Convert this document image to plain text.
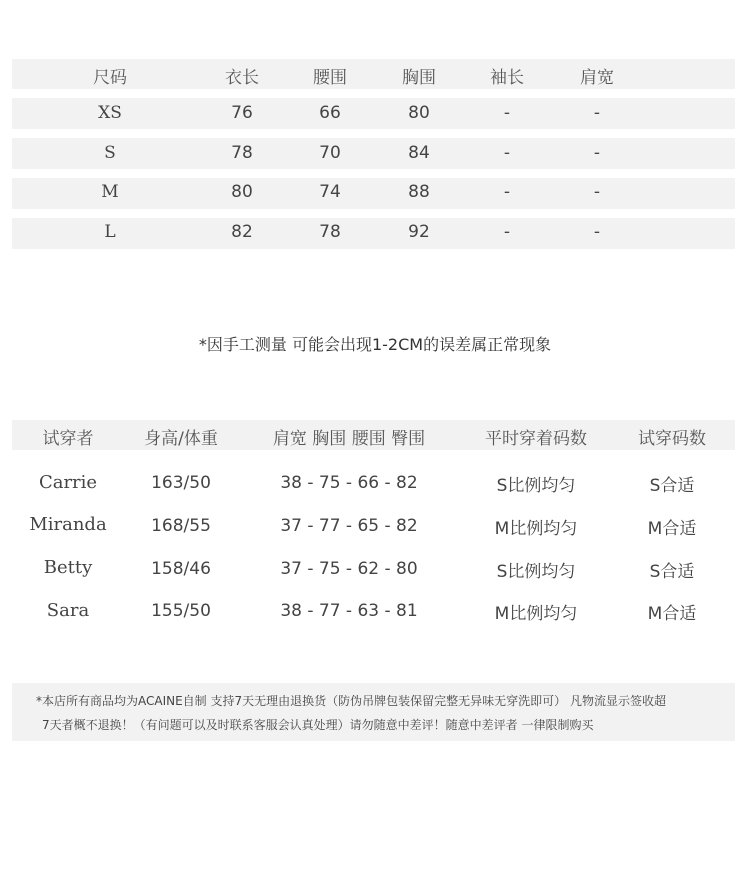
尺码	衣长	腰围	胸围	袖长	肩宽
XS	76	66	80	-	-
S	78	70	84	-	-
M	80	74	88	-	-
L	82	78	92	-	-
*因手工测量 可能会出现1-2CM的误差属正常现象
试穿者	身高/体重	肩宽 胸围 腰围 臀围	平时穿着码数	试穿码数
Carrie	163/50	38 - 75 - 66 - 82	S比例均匀	S合适
Miranda	168/55	37 - 77 - 65 - 82	M比例均匀	M合适
Betty	158/46	37 - 75 - 62 - 80	S比例均匀	S合适
Sara	155/50	38 - 77 - 63 - 81	M比例均匀	M合适

*本店所有商品均为ACAINE自制 支持7天无理由退换货（防伪吊牌包装保留完整无异味无穿洗即可） 凡物流显示签收超

7天者概不退换！（有问题可以及时联系客服会认真处理）请勿随意中差评！随意中差评者 一律限制购买
